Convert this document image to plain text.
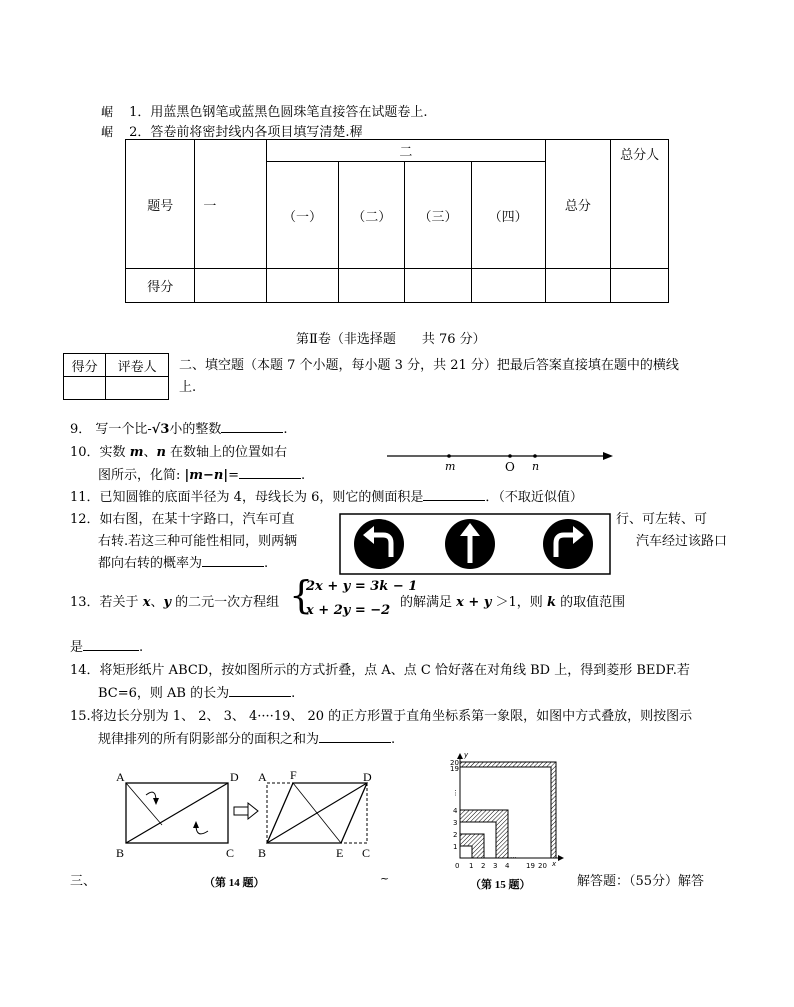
崌 1．用蓝黑色钢笔或蓝黑色圆珠笔直接答在试题卷上.
崌 2．答卷前将密封线内各项目填写清楚.稺
题号	一	二				总分	总分人
		（一）	（二）	（三）	（四）		
得分							
第Ⅱ卷（非选择题　　共 76 分）
得分	评卷人
	二、填空题（本题 7 个小题，每小题 3 分，共 21 分）把最后答案直接填在题中的横线
上.
9． 写一个比-√3小的整数	.
10．实数 m、n 在数轴上的位置如右
图所示，化简: |m−n|=	.
m	O n
11．已知圆锥的底面半径为 4，母线长为 6，则它的侧面积是	．（不取近似值）
12．如右图，在某十字路口，汽车可直	行、可左转、可
右转.若这三种可能性相同，则两辆	汽车经过该路口
都向右转的概率为	.
13．若关于 x、y 的二元一次方程组 {
2x + y = 3k − 1
x + 2y = −2
的解满足 x + y ＞1，则 k 的取值范围
是	.
14．将矩形纸片 ABCD，按如图所示的方式折叠，点 A、点 C 恰好落在对角线 BD 上，得到菱形 BEDF.若
BC=6，则 AB 的长为	.
15.将边长分别为 1、 2、 3、 4····19、 20 的正方形置于直角坐标系第一象限，如图中方式叠放，则按图示
规律排列的所有阴影部分的面积之和为	.
A	D
B	C
A F	D
B	E C
（第 14 题）
···
⋮
20
19
4
3
2
1
0 1 2 3 4 19 20
y
x
（第 15 题）
三、	~	解答题：（55分）解答
